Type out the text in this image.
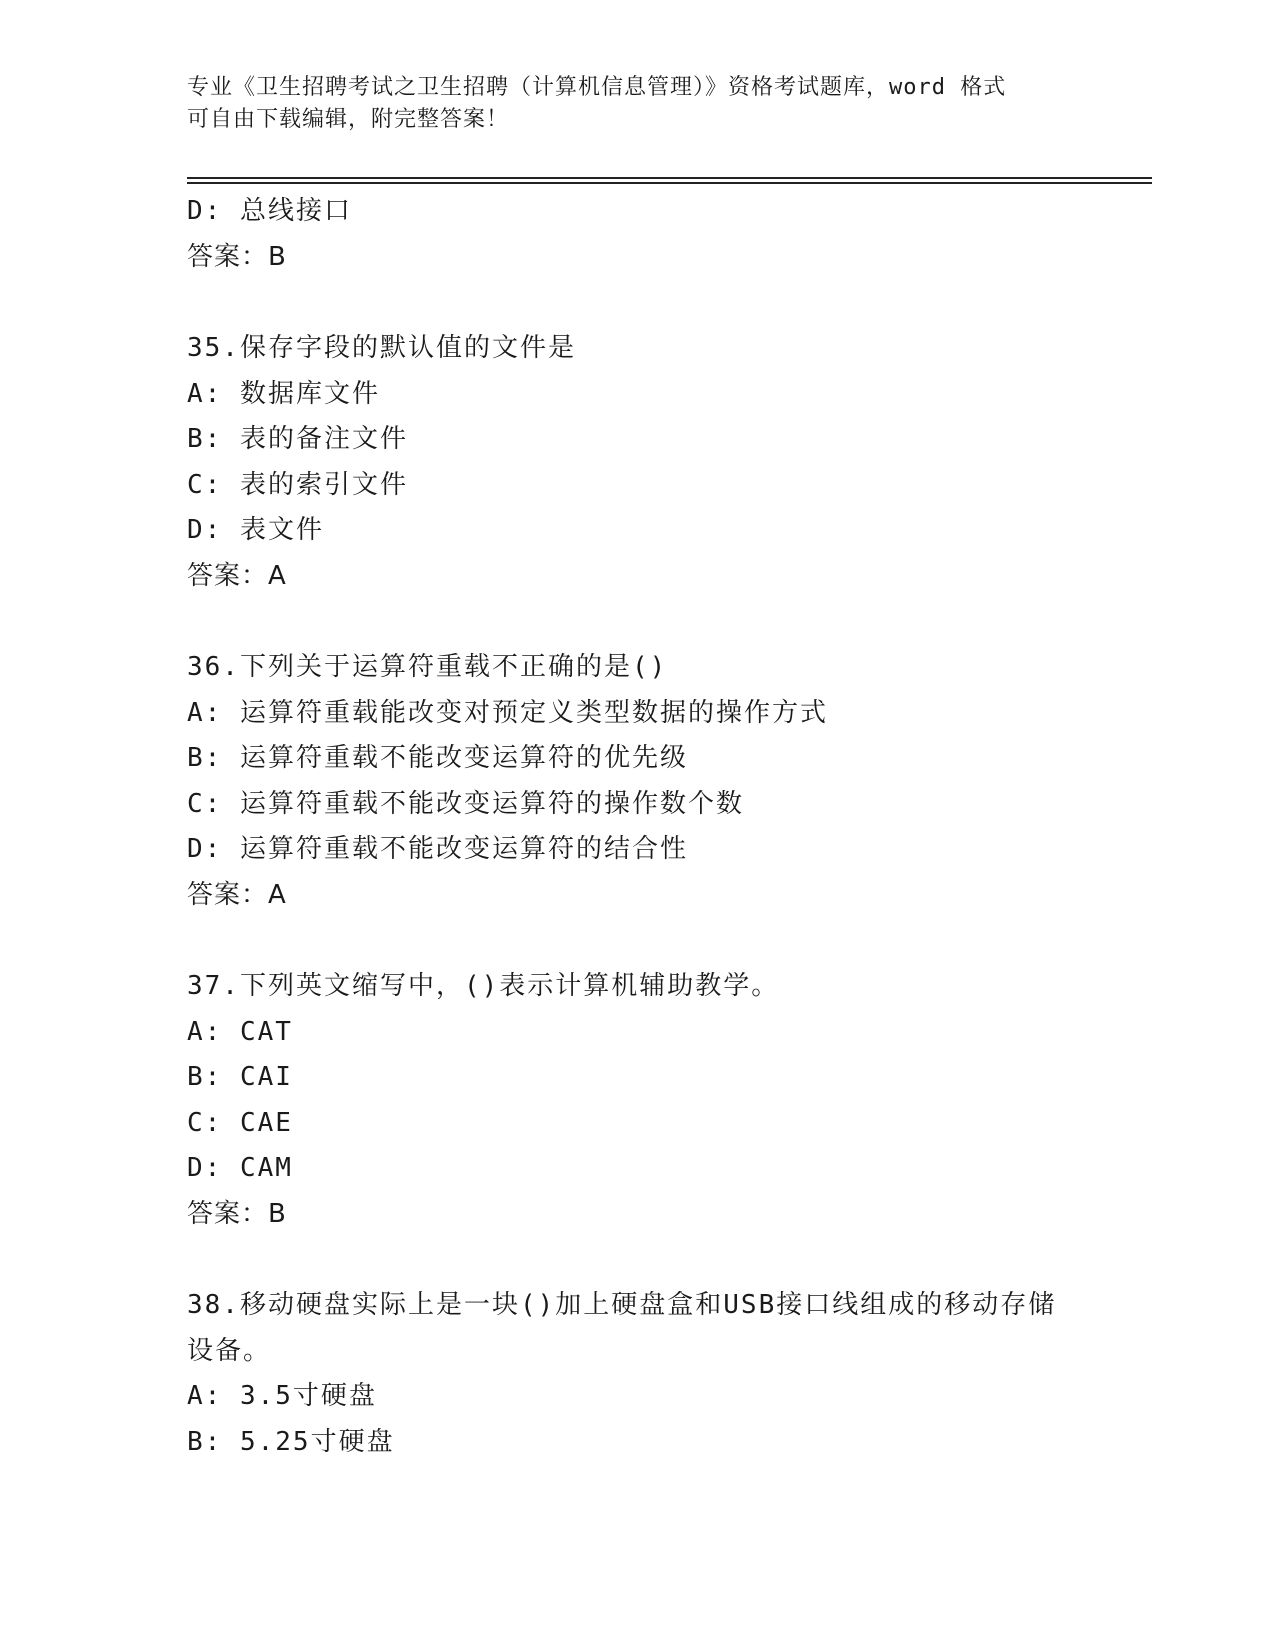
专业《卫生招聘考试之卫生招聘（计算机信息管理）》资格考试题库，word 格式
可自由下载编辑，附完整答案！
D: 总线接口
答案：B
35.保存字段的默认值的文件是
A: 数据库文件
B: 表的备注文件
C: 表的索引文件
D: 表文件
答案：A
36.下列关于运算符重载不正确的是()
A: 运算符重载能改变对预定义类型数据的操作方式
B: 运算符重载不能改变运算符的优先级
C: 运算符重载不能改变运算符的操作数个数
D: 运算符重载不能改变运算符的结合性
答案：A
37.下列英文缩写中，()表示计算机辅助教学。
A: CAT
B: CAI
C: CAE
D: CAM
答案：B
38.移动硬盘实际上是一块()加上硬盘盒和USB接口线组成的移动存储
设备。
A: 3.5寸硬盘
B: 5.25寸硬盘
